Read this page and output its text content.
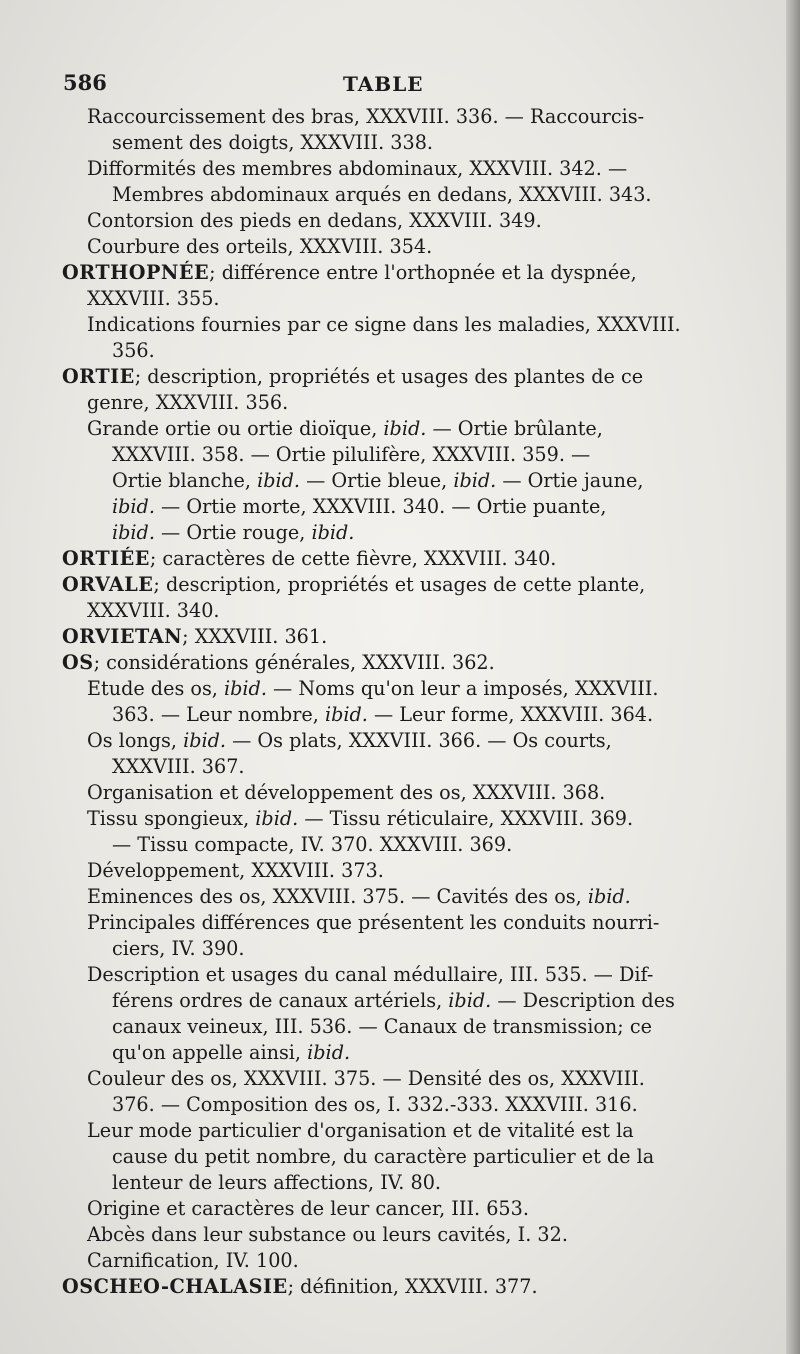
586	TABLE
Raccourcissement des bras, XXXVIII. 336. — Raccourcis-
sement des doigts, XXXVIII. 338.
Difformités des membres abdominaux, XXXVIII. 342. —
Membres abdominaux arqués en dedans, XXXVIII. 343.
Contorsion des pieds en dedans, XXXVIII. 349.
Courbure des orteils, XXXVIII. 354.
ORTHOPNÉE; différence entre l'orthopnée et la dyspnée,
XXXVIII. 355.
Indications fournies par ce signe dans les maladies, XXXVIII.
356.
ORTIE; description, propriétés et usages des plantes de ce
genre, XXXVIII. 356.
Grande ortie ou ortie dioïque, ibid. — Ortie brûlante,
XXXVIII. 358. — Ortie pilulifère, XXXVIII. 359. —
Ortie blanche, ibid. — Ortie bleue, ibid. — Ortie jaune,
ibid. — Ortie morte, XXXVIII. 340. — Ortie puante,
ibid. — Ortie rouge, ibid.
ORTIÉE; caractères de cette fièvre, XXXVIII. 340.
ORVALE; description, propriétés et usages de cette plante,
XXXVIII. 340.
ORVIETAN; XXXVIII. 361.
OS; considérations générales, XXXVIII. 362.
Etude des os, ibid. — Noms qu'on leur a imposés, XXXVIII.
363. — Leur nombre, ibid. — Leur forme, XXXVIII. 364.
Os longs, ibid. — Os plats, XXXVIII. 366. — Os courts,
XXXVIII. 367.
Organisation et développement des os, XXXVIII. 368.
Tissu spongieux, ibid. — Tissu réticulaire, XXXVIII. 369.
— Tissu compacte, IV. 370. XXXVIII. 369.
Développement, XXXVIII. 373.
Eminences des os, XXXVIII. 375. — Cavités des os, ibid.
Principales différences que présentent les conduits nourri-
ciers, IV. 390.
Description et usages du canal médullaire, III. 535. — Dif-
férens ordres de canaux artériels, ibid. — Description des
canaux veineux, III. 536. — Canaux de transmission; ce
qu'on appelle ainsi, ibid.
Couleur des os, XXXVIII. 375. — Densité des os, XXXVIII.
376. — Composition des os, I. 332.-333. XXXVIII. 316.
Leur mode particulier d'organisation et de vitalité est la
cause du petit nombre, du caractère particulier et de la
lenteur de leurs affections, IV. 80.
Origine et caractères de leur cancer, III. 653.
Abcès dans leur substance ou leurs cavités, I. 32.
Carnification, IV. 100.
OSCHEO-CHALASIE; définition, XXXVIII. 377.
